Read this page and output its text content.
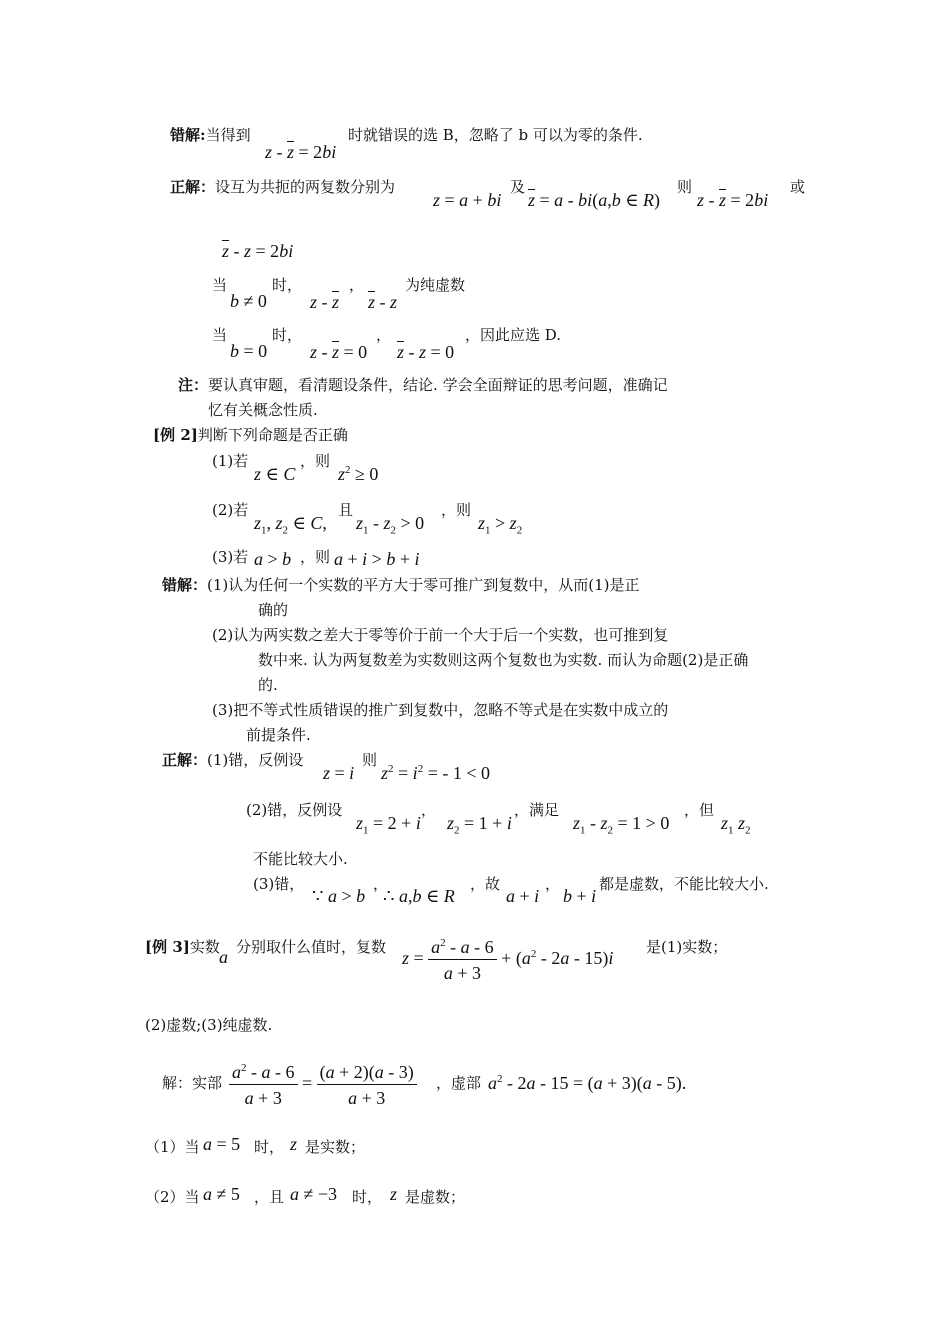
错解:当得到
$z - \overline{z} = 2bi$
时就错误的选 B，忽略了 b 可以为零的条件.
正解：设互为共扼的两复数分别为
z = a + bi
及
$\overline{z} = a - bi(a,b$ ∈ R)
则
$z - \overline{z} = 2bi$
或
$\overline{z} - z = 2bi$
当
b ≠ 0
时，
z - $\overline{z}$
，
$\overline{z}$ - z
为纯虚数
当
b = 0
时，
$z - \overline{z} = 0$
，
$\overline{z} - z = 0$
，因此应选 D.
注：要认真审题，看清题设条件，结论. 学会全面辩证的思考问题，准确记
忆有关概念性质.
[例 2]判断下列命题是否正确
(1)若
z ∈ C
，则
$z^2 \ge 0$
(2)若
$z_1$, $z_2$ ∈ C,
且
$z_1 - z_2 > 0$
，则
$z_1 > z_2$
(3)若 a > b ，则 a + i > b + i
错解：(1)认为任何一个实数的平方大于零可推广到复数中，从而(1)是正
确的
(2)认为两实数之差大于零等价于前一个大于后一个实数，也可推到复
数中来. 认为两复数差为实数则这两个复数也为实数. 而认为命题(2)是正确
的.
(3)把不等式性质错误的推广到复数中，忽略不等式是在实数中成立的
前提条件.
正解：(1)错，反例设
z = i
则
$z^2 = i^2$ = - 1 < 0
(2)错，反例设
$z_1 = 2 + i$
，
$z_2 = 1 + i$
，满足
$z_1 - z_2 = 1 > 0$
，但
$z_1$ $z_2$
不能比较大小.
(3)错，
∵ a > b
，
∴ a,b ∈ R
，故
a + i
，
b + i
都是虚数，不能比较大小.
[例 3]实数 a 分别取什么值时，复数
$z = \frac{a^2 - a - 6}{a + 3} + (a^2 - 2a - 15)i$
是(1)实数；
(2)虚数;(3)纯虚数.
解：实部 $\frac{a^2 - a - 6}{a + 3} = \frac{(a + 2)(a - 3)}{a + 3}$ ，虚部 $a^2 - 2a - 15 = (a + 3)(a - 5)$.
（1）当 a = 5 时， z 是实数；
（2）当 a ≠ 5 ，且 a ≠ −3 时， z 是虚数；
